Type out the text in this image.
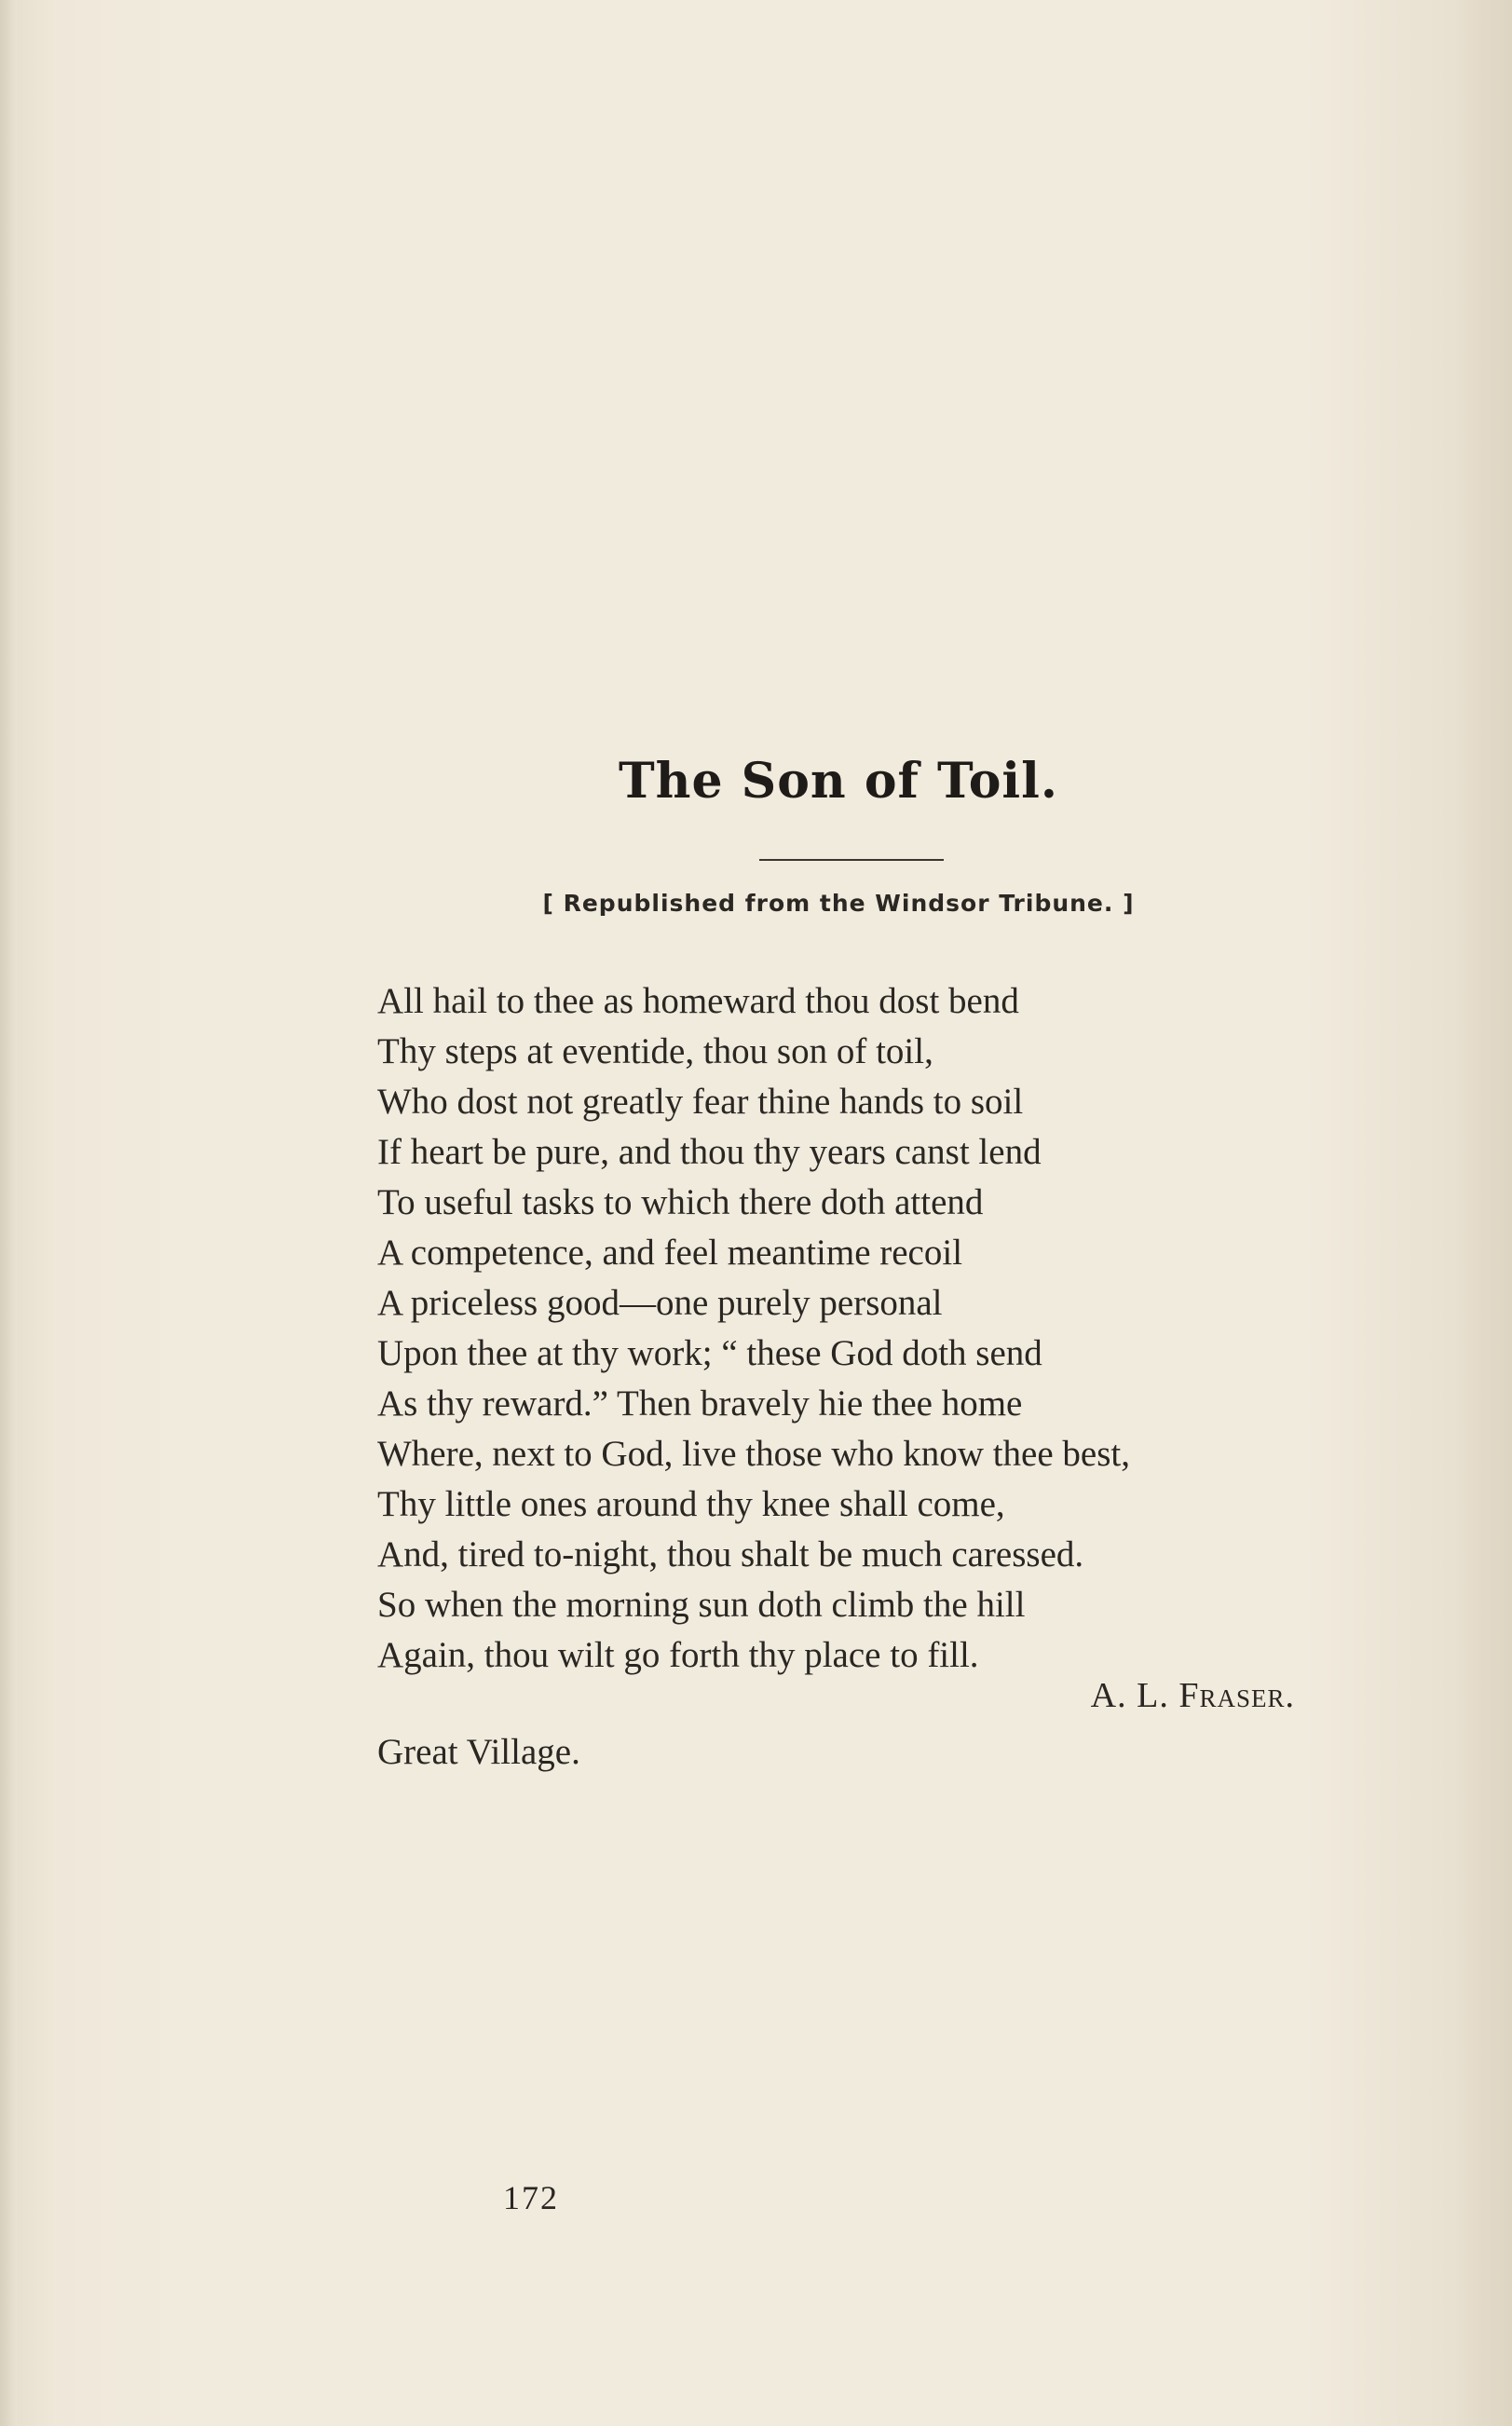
The Son of Toil.
[ Republished from the Windsor Tribune. ]
All hail to thee as homeward thou dost bend
Thy steps at eventide, thou son of toil,
Who dost not greatly fear thine hands to soil
If heart be pure, and thou thy years canst lend
To useful tasks to which there doth attend
A competence, and feel meantime recoil
A priceless good—one purely personal
Upon thee at thy work; “ these God doth send
As thy reward.” Then bravely hie thee home
Where, next to God, live those who know thee best,
Thy little ones around thy knee shall come,
And, tired to-night, thou shalt be much caressed.
So when the morning sun doth climb the hill
Again, thou wilt go forth thy place to fill.
A. L. Fraser.
Great Village.
172
